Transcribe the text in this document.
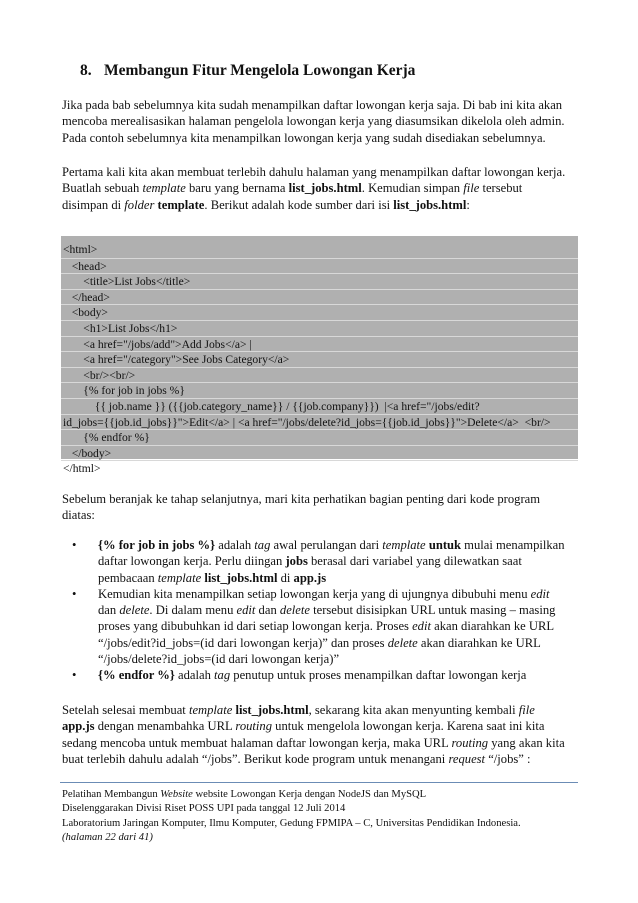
8. Membangun Fitur Mengelola Lowongan Kerja
Jika pada bab sebelumnya kita sudah menampilkan daftar lowongan kerja saja. Di bab ini kita akan
mencoba merealisasikan halaman pengelola lowongan kerja yang diasumsikan dikelola oleh admin.
Pada contoh sebelumnya kita menampilkan lowongan kerja yang sudah disediakan sebelumnya.
Pertama kali kita akan membuat terlebih dahulu halaman yang menampilkan daftar lowongan kerja.
Buatlah sebuah template baru yang bernama list_jobs.html. Kemudian simpan file tersebut
disimpan di folder template. Berikut adalah kode sumber dari isi list_jobs.html:
<html>
<head>
<title>List Jobs</title>
</head>
<body>
<h1>List Jobs</h1>
<a href="/jobs/add">Add Jobs</a> |
<a href="/category">See Jobs Category</a>
<br/><br/>
{% for job in jobs %}
{{ job.name }} ({{job.category_name}} / {{job.company}})  |<a href="/jobs/edit?
id_jobs={{job.id_jobs}}">Edit</a> | <a href="/jobs/delete?id_jobs={{job.id_jobs}}">Delete</a>  <br/>
{% endfor %}
</body>
</html>
Sebelum beranjak ke tahap selanjutnya, mari kita perhatikan bagian penting dari kode program
diatas:
• {% for job in jobs %} adalah tag awal perulangan dari template untuk mulai menampilkan
daftar lowongan kerja. Perlu diingan jobs berasal dari variabel yang dilewatkan saat
pembacaan template list_jobs.html di app.js
• Kemudian kita menampilkan setiap lowongan kerja yang di ujungnya dibubuhi menu edit
dan delete. Di dalam menu edit dan delete tersebut disisipkan URL untuk masing – masing
proses yang dibubuhkan id dari setiap lowongan kerja. Proses edit akan diarahkan ke URL
“/jobs/edit?id_jobs=(id dari lowongan kerja)” dan proses delete akan diarahkan ke URL
“/jobs/delete?id_jobs=(id dari lowongan kerja)”
• {% endfor %} adalah tag penutup untuk proses menampilkan daftar lowongan kerja
Setelah selesai membuat template list_jobs.html, sekarang kita akan menyunting kembali file
app.js dengan menambahka URL routing untuk mengelola lowongan kerja. Karena saat ini kita
sedang mencoba untuk membuat halaman daftar lowongan kerja, maka URL routing yang akan kita
buat terlebih dahulu adalah “/jobs”. Berikut kode program untuk menangani request “/jobs” :
Pelatihan Membangun Website website Lowongan Kerja dengan NodeJS dan MySQL
Diselenggarakan Divisi Riset POSS UPI pada tanggal 12 Juli 2014
Laboratorium Jaringan Komputer, Ilmu Komputer, Gedung FPMIPA – C, Universitas Pendidikan Indonesia.
(halaman 22 dari 41)
